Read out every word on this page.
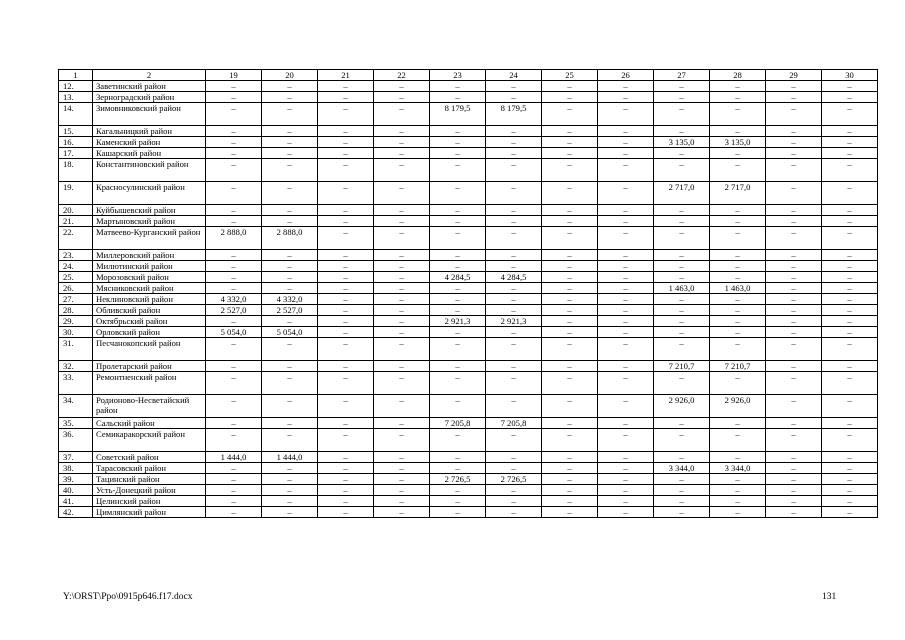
1	2	19	20	21	22	23	24	25	26	27	28	29	30
12.	Заветинский район	–	–	–	–	–	–	–	–	–	–	–	–
13.	Зерноградский район	–	–	–	–	–	–	–	–	–	–	–	–
14.	Зимовниковский район	–	–	–	–	8 179,5	8 179,5	–	–	–	–	–	–
15.	Кагальницкий район	–	–	–	–	–	–	–	–	–	–	–	–
16.	Каменский район	–	–	–	–	–	–	–	–	3 135,0	3 135,0	–	–
17.	Кашарский район	–	–	–	–	–	–	–	–	–	–	–	–
18.	Константиновский район	–	–	–	–	–	–	–	–	–	–	–	–
19.	Красносулинский район	–	–	–	–	–	–	–	–	2 717,0	2 717,0	–	–
20.	Куйбышевский район	–	–	–	–	–	–	–	–	–	–	–	–
21.	Мартыновский район	–	–	–	–	–	–	–	–	–	–	–	–
22.	Матвеево-Курганский район	2 888,0	2 888,0	–	–	–	–	–	–	–	–	–	–
23.	Миллеровский район	–	–	–	–	–	–	–	–	–	–	–	–
24.	Милютинский район	–	–	–	–	–	–	–	–	–	–	–	–
25.	Морозовский район	–	–	–	–	4 284,5	4 284,5	–	–	–	–	–	–
26.	Мясниковский район	–	–	–	–	–	–	–	–	1 463,0	1 463,0	–	–
27.	Неклиновский район	4 332,0	4 332,0	–	–	–	–	–	–	–	–	–	–
28.	Обливский район	2 527,0	2 527,0	–	–	–	–	–	–	–	–	–	–
29.	Октябрьский район	–	–	–	–	2 921,3	2 921,3	–	–	–	–	–	–
30.	Орловский район	5 054,0	5 054,0	–	–	–	–	–	–	–	–	–	–
31.	Песчанокопский район	–	–	–	–	–	–	–	–	–	–	–	–
32.	Пролетарский район	–	–	–	–	–	–	–	–	7 210,7	7 210,7	–	–
33.	Ремонтненский район	–	–	–	–	–	–	–	–	–	–	–	–
34.	Родионово-Несветайский район	–	–	–	–	–	–	–	–	2 926,0	2 926,0	–	–
35.	Сальский район	–	–	–	–	7 205,8	7 205,8	–	–	–	–	–	–
36.	Семикаракорский район	–	–	–	–	–	–	–	–	–	–	–	–
37.	Советский район	1 444,0	1 444,0	–	–	–	–	–	–	–	–	–	–
38.	Тарасовский район	–	–	–	–	–	–	–	–	3 344,0	3 344,0	–	–
39.	Тацинский район	–	–	–	–	2 726,5	2 726,5	–	–	–	–	–	–
40.	Усть-Донецкий район	–	–	–	–	–	–	–	–	–	–	–	–
41.	Целинский район	–	–	–	–	–	–	–	–	–	–	–	–
42.	Цимлянский район	–	–	–	–	–	–	–	–	–	–	–	–
Y:\ORST\Ppo\0915p646.f17.docx	131
